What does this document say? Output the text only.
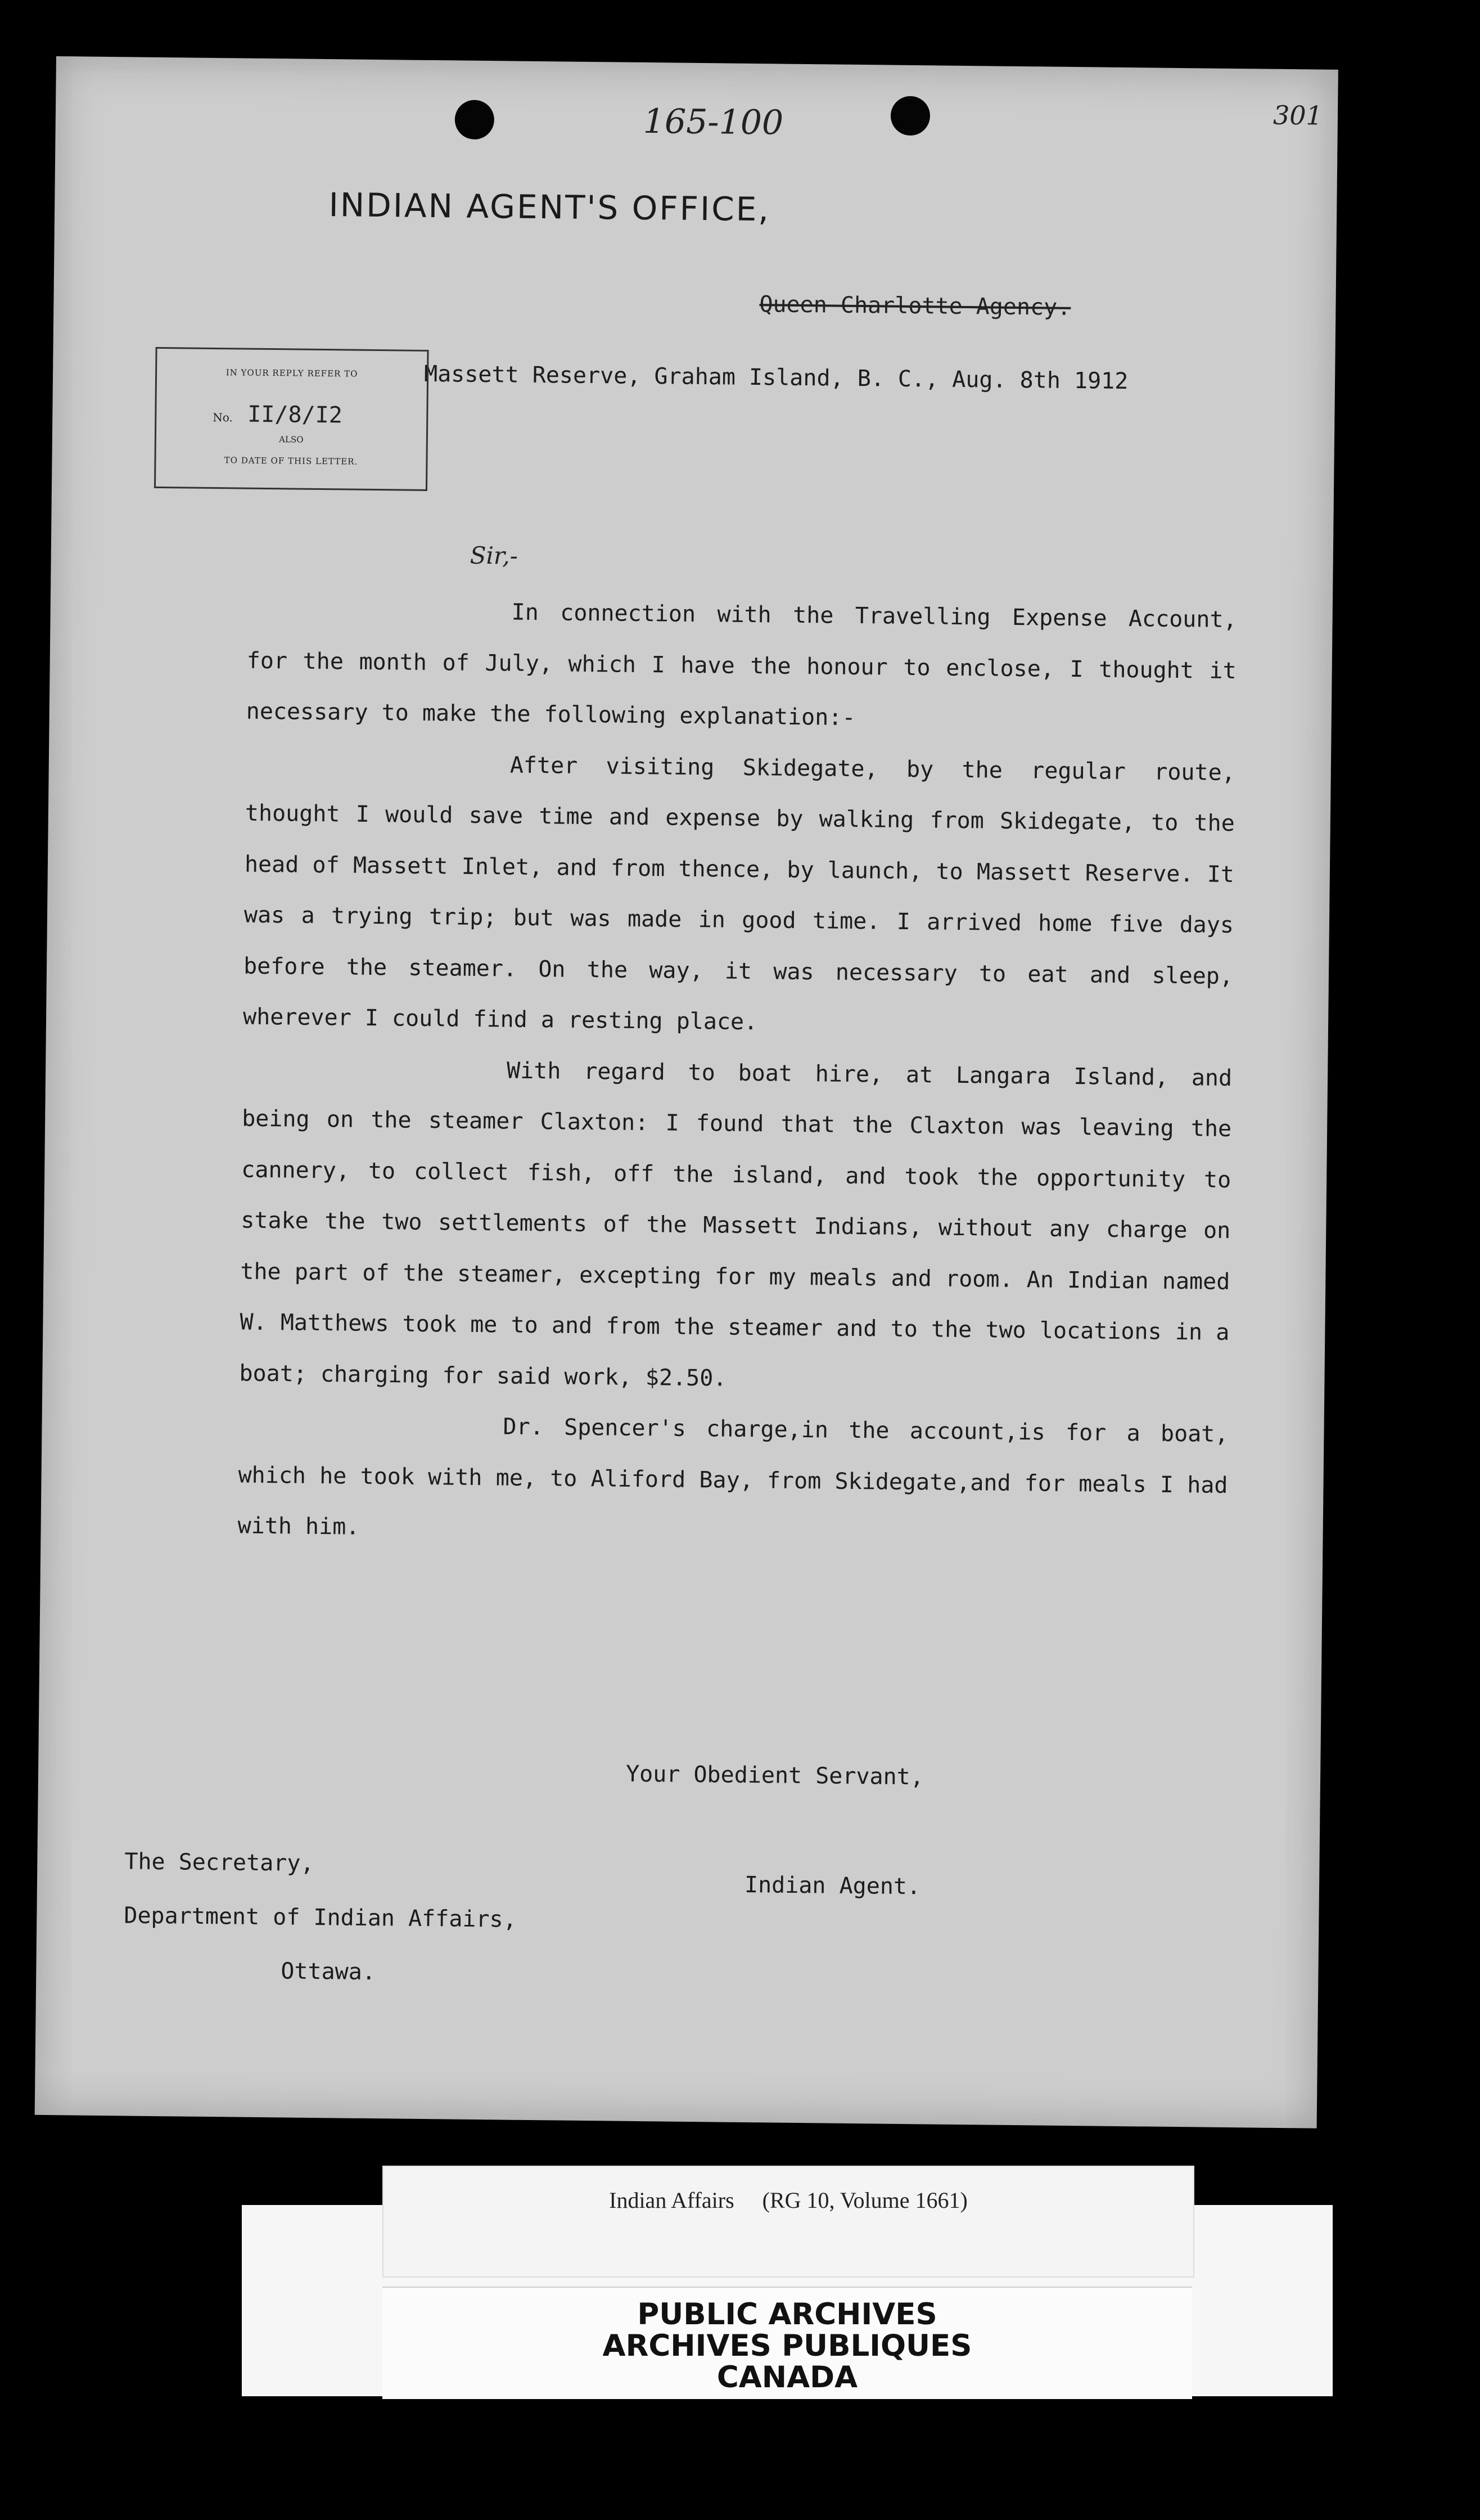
165-100	301
INDIAN AGENT'S OFFICE,
Queen Charlotte Agency.
Massett Reserve, Graham Island, B. C., Aug. 8th 1912
IN YOUR REPLY REFER TO
No. II/8/I2
ALSO
TO DATE OF THIS LETTER.
Sir,-

In connection with the Travelling Expense Account, for the month of July, which I have the honour to enclose, I thought it necessary to make the following explanation:-

After visiting Skidegate, by the regular route, thought I would save time and expense by walking from Skidegate, to the head of Massett Inlet, and from thence, by launch, to Massett Reserve. It was a trying trip; but was made in good time. I arrived home five days before the steamer. On the way, it was necessary to eat and sleep, wherever I could find a resting place.

With regard to boat hire, at Langara Island, and being on the steamer Claxton: I found that the Claxton was leaving the cannery, to collect fish, off the island, and took the opportunity to stake the two settlements of the Massett Indians, without any charge on the part of the steamer, excepting for my meals and room. An Indian named W. Matthews took me to and from the steamer and to the two locations in a boat; charging for said work, $2.50.

Dr. Spencer's charge,in the account,is for a boat, which he took with me, to Aliford Bay, from Skidegate,and for meals I had with him.

Your Obedient Servant,
Indian Agent.
The Secretary,
Department of Indian Affairs,
Ottawa.
PUBLIC ARCHIVES
ARCHIVES PUBLIQUES
CANADA
Indian Affairs     (RG 10, Volume 1661)
